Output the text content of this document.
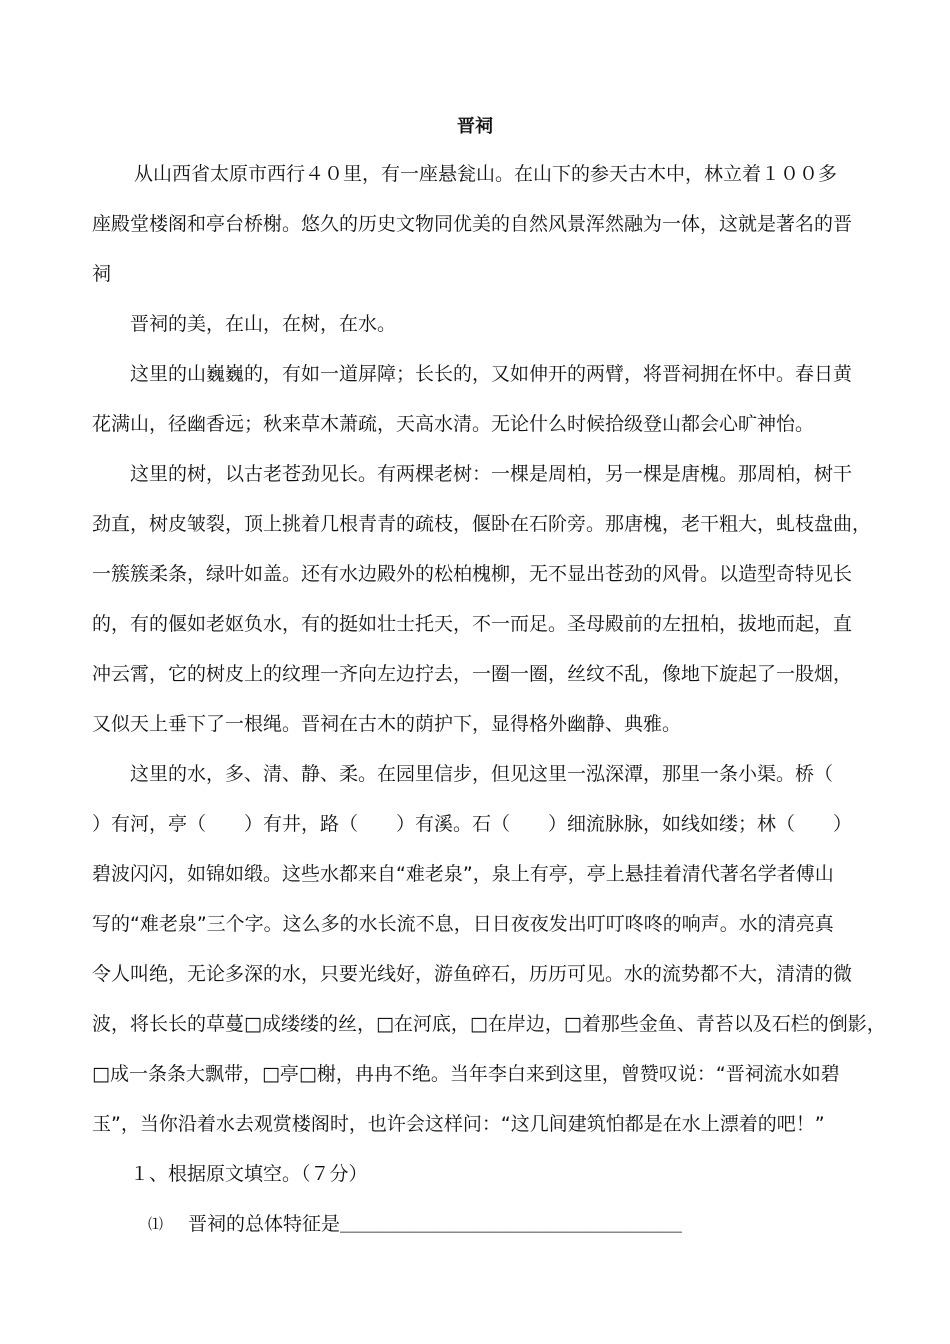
晋祠
从山西省太原市西行４０里，有一座悬瓮山。在山下的参天古木中，林立着１００多
座殿堂楼阁和亭台桥榭。悠久的历史文物同优美的自然风景浑然融为一体，这就是著名的晋
祠
晋祠的美，在山，在树，在水。
这里的山巍巍的，有如一道屏障；长长的，又如伸开的两臂，将晋祠拥在怀中。春日黄
花满山，径幽香远；秋来草木萧疏，天高水清。无论什么时候拾级登山都会心旷神怡。
这里的树，以古老苍劲见长。有两棵老树：一棵是周柏，另一棵是唐槐。那周柏，树干
劲直，树皮皱裂，顶上挑着几根青青的疏枝，偃卧在石阶旁。那唐槐，老干粗大，虬枝盘曲，
一簇簇柔条，绿叶如盖。还有水边殿外的松柏槐柳，无不显出苍劲的风骨。以造型奇特见长
的，有的偃如老妪负水，有的挺如壮士托天，不一而足。圣母殿前的左扭柏，拔地而起，直
冲云霄，它的树皮上的纹理一齐向左边拧去，一圈一圈，丝纹不乱，像地下旋起了一股烟，
又似天上垂下了一根绳。晋祠在古木的荫护下，显得格外幽静、典雅。
这里的水，多、清、静、柔。在园里信步，但见这里一泓深潭，那里一条小渠。桥（
）有河，亭（　　）有井，路（　　）有溪。石（　　）细流脉脉，如线如缕；林（　　）
碧波闪闪，如锦如缎。这些水都来自“难老泉”，泉上有亭，亭上悬挂着清代著名学者傅山
写的“难老泉”三个字。这么多的水长流不息，日日夜夜发出叮叮咚咚的响声。水的清亮真
令人叫绝，无论多深的水，只要光线好，游鱼碎石，历历可见。水的流势都不大，清清的微
波，将长长的草蔓□成缕缕的丝，□在河底，□在岸边，□着那些金鱼、青苔以及石栏的倒影，
□成一条条大飘带，□亭□榭，冉冉不绝。当年李白来到这里，曾赞叹说：“晋祠流水如碧
玉”，当你沿着水去观赏楼阁时，也许会这样问：“这几间建筑怕都是在水上漂着的吧！”
１、根据原文填空。（７分）
⑴ 晋祠的总体特征是＿＿＿＿＿＿＿＿＿＿＿＿＿＿＿＿＿＿
